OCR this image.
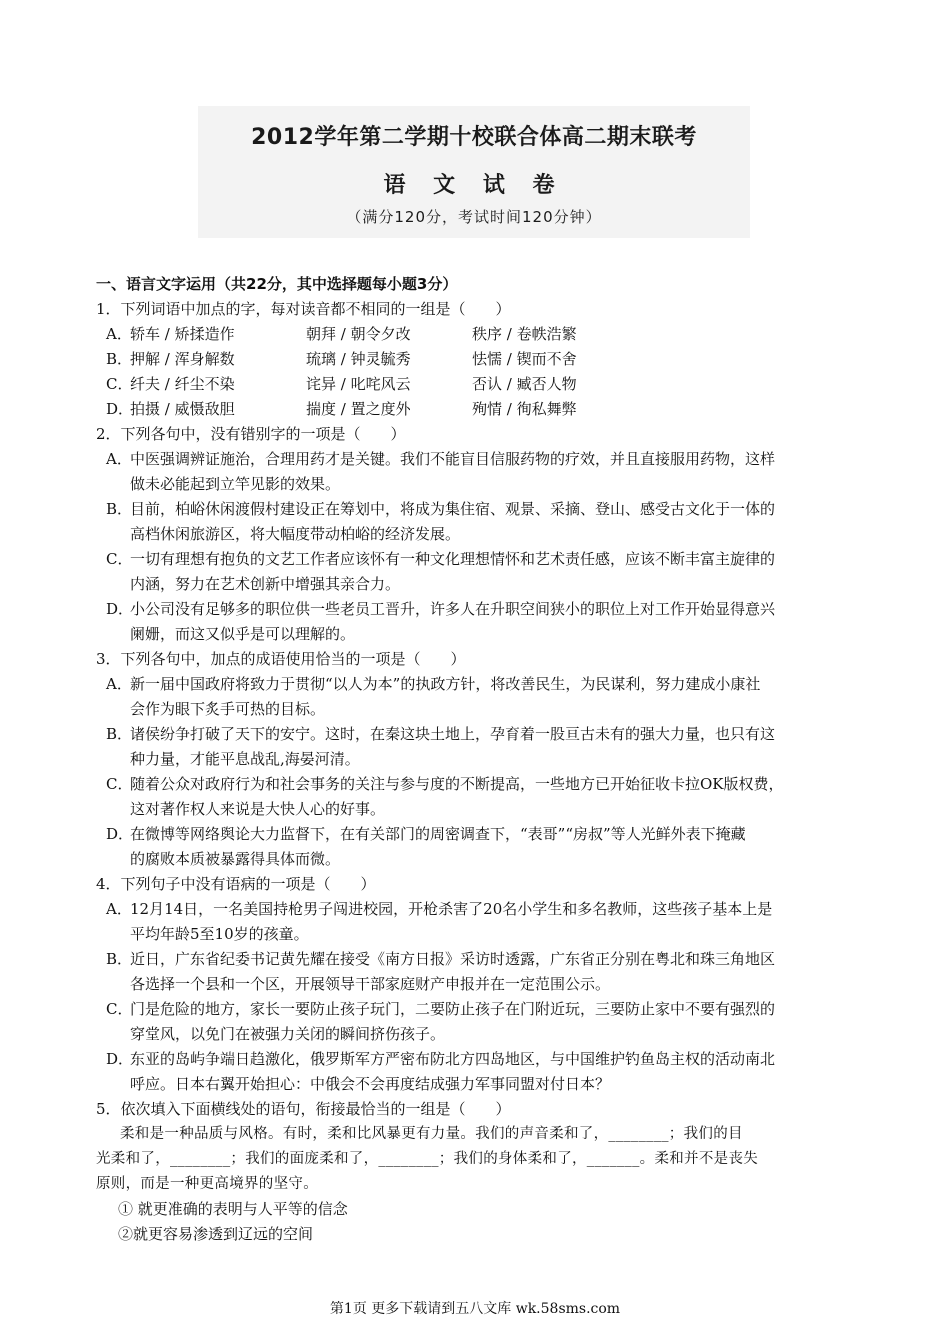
2012学年第二学期十校联合体高二期末联考
语 文 试 卷
（满分120分，考试时间120分钟）
一、语言文字运用（共22分，其中选择题每小题3分）
1．下列词语中加点的字，每对读音都不相同的一组是（　　）
A．
轿车 / 矫揉造作	朝拜 / 朝令夕改	秩序 / 卷帙浩繁
B．
押解 / 浑身解数	琉璃 / 钟灵毓秀	怯懦 / 锲而不舍
C．
纤夫 / 纤尘不染	诧异 / 叱咤风云	否认 / 臧否人物
D．
拍摄 / 威慑敌胆	揣度 / 置之度外	殉情 / 徇私舞弊
2．下列各句中，没有错别字的一项是（　　）
A．中医强调辨证施治，合理用药才是关键。我们不能盲目信服药物的疗效，并且直接服用药物，这样
做未必能起到立竿见影的效果。
B．目前，柏峪休闲渡假村建设正在筹划中，将成为集住宿、观景、采摘、登山、感受古文化于一体的
高档休闲旅游区，将大幅度带动柏峪的经济发展。
C．一切有理想有抱负的文艺工作者应该怀有一种文化理想情怀和艺术责任感，应该不断丰富主旋律的
内涵，努力在艺术创新中增强其亲合力。
D．小公司没有足够多的职位供一些老员工晋升，许多人在升职空间狭小的职位上对工作开始显得意兴
阑姗，而这又似乎是可以理解的。
3．下列各句中，加点的成语使用恰当的一项是（　　）
A．新一届中国政府将致力于贯彻“以人为本”的执政方针，将改善民生，为民谋利，努力建成小康社
会作为眼下炙手可热的目标。
B．诸侯纷争打破了天下的安宁。这时，在秦这块土地上，孕育着一股亘古未有的强大力量，也只有这
种力量，才能平息战乱,海晏河清。
C．随着公众对政府行为和社会事务的关注与参与度的不断提高，一些地方已开始征收卡拉OK版权费，
这对著作权人来说是大快人心的好事。
D．在微博等网络舆论大力监督下，在有关部门的周密调查下，“表哥”“房叔”等人光鲜外表下掩藏
的腐败本质被暴露得具体而微。
4．下列句子中没有语病的一项是（　　）
A．12月14日，一名美国持枪男子闯进校园，开枪杀害了20名小学生和多名教师，这些孩子基本上是
平均年龄5至10岁的孩童。
B．近日，广东省纪委书记黄先耀在接受《南方日报》采访时透露，广东省正分别在粤北和珠三角地区
各选择一个县和一个区，开展领导干部家庭财产申报并在一定范围公示。
C．门是危险的地方，家长一要防止孩子玩门，二要防止孩子在门附近玩，三要防止家中不要有强烈的
穿堂风，以免门在被强力关闭的瞬间挤伤孩子。
D．东亚的岛屿争端日趋激化，俄罗斯军方严密布防北方四岛地区，与中国维护钓鱼岛主权的活动南北
呼应。日本右翼开始担心：中俄会不会再度结成强力军事同盟对付日本？
5．依次填入下面横线处的语句，衔接最恰当的一组是（　　）
柔和是一种品质与风格。有时，柔和比风暴更有力量。我们的声音柔和了，________；我们的目
光柔和了，________；我们的面庞柔和了，________；我们的身体柔和了，_______。柔和并不是丧失
原则，而是一种更高境界的坚守。
① 就更准确的表明与人平等的信念
②就更容易渗透到辽远的空间
第1页 更多下载请到五八文库 wk.58sms.com
